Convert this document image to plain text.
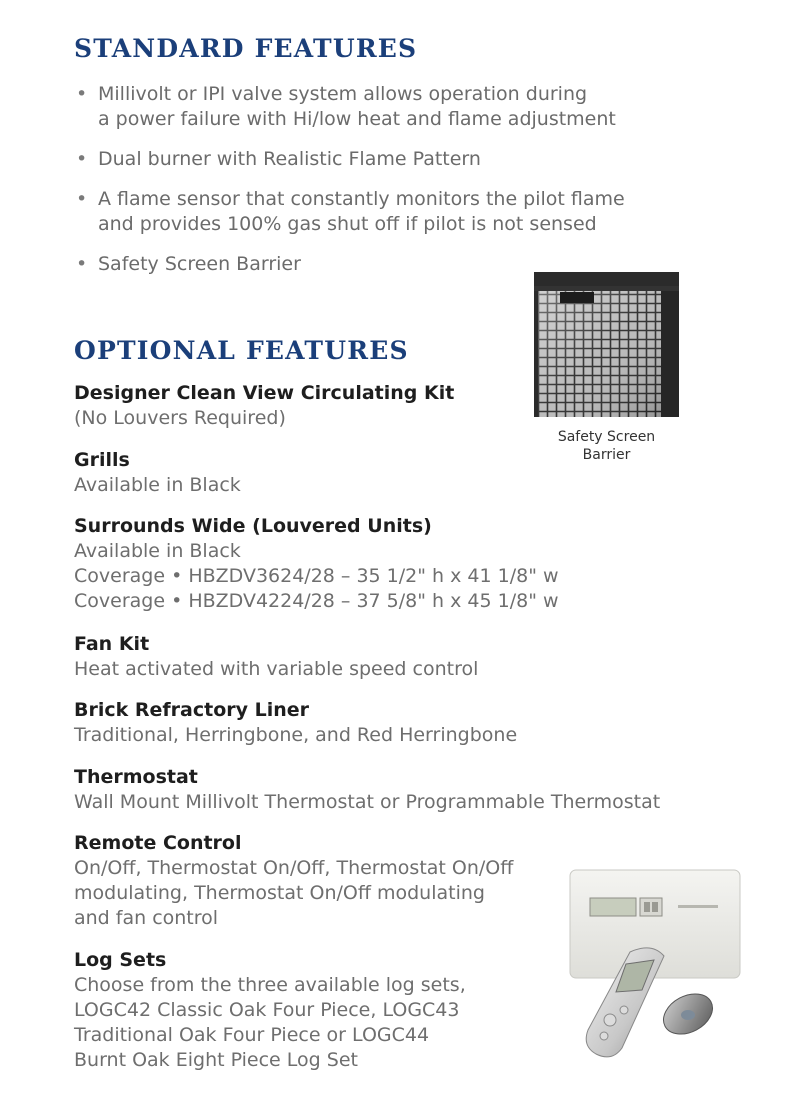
STANDARD FEATURES
• Millivolt or IPI valve system allows operation during
a power failure with Hi/low heat and flame adjustment
• Dual burner with Realistic Flame Pattern
• A flame sensor that constantly monitors the pilot flame
and provides 100% gas shut off if pilot is not sensed
• Safety Screen Barrier
Safety Screen
Barrier
OPTIONAL FEATURES
Designer Clean View Circulating Kit
(No Louvers Required)
Grills
Available in Black
Surrounds Wide (Louvered Units)
Available in Black
Coverage • HBZDV3624/28 – 35 1/2" h x 41 1/8" w
Coverage • HBZDV4224/28 – 37 5/8" h x 45 1/8" w
Fan Kit
Heat activated with variable speed control
Brick Refractory Liner
Traditional, Herringbone, and Red Herringbone
Thermostat
Wall Mount Millivolt Thermostat or Programmable Thermostat
Remote Control
On/Off, Thermostat On/Off, Thermostat On/Off
modulating, Thermostat On/Off modulating
and fan control
Log Sets
Choose from the three available log sets,
LOGC42 Classic Oak Four Piece, LOGC43
Traditional Oak Four Piece or LOGC44
Burnt Oak Eight Piece Log Set
